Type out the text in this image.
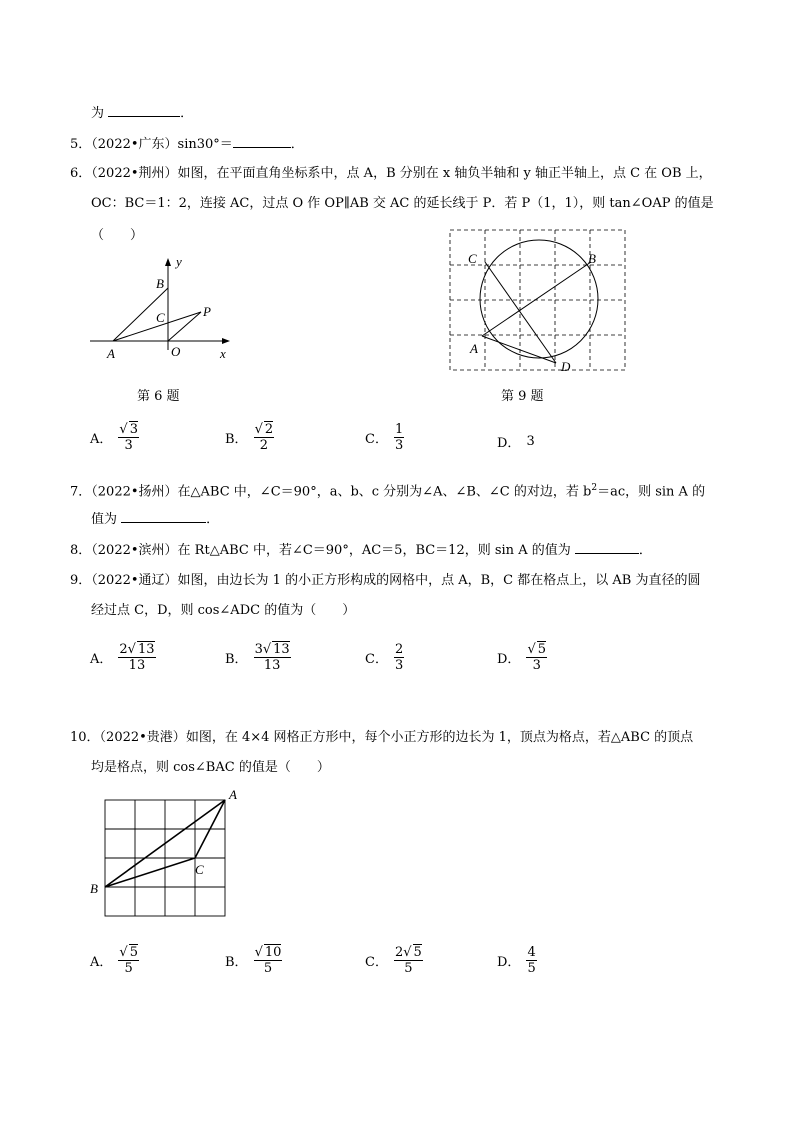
为	．
5．（2022•广东）sin30°＝	．
6．（2022•荆州）如图，在平面直角坐标系中，点 A，B 分别在 x 轴负半轴和 y 轴正半轴上，点 C 在 OB 上，
OC：BC＝1：2，连接 AC，过点 O 作 OP∥AB 交 AC 的延长线于 P．若 P（1，1），则 tan∠OAP 的值是
（　　）
y
x
B
C	P
A	O
第 6 题
C	B
A
D
第 9 题
A． $\frac{√ 3}{3}$	B． $\frac{√ 2}{2}$	C． $\frac{1}{3}$	D． 3
7．（2022•扬州）在△ABC 中，∠C＝90°，a、b、c 分别为∠A、∠B、∠C 的对边，若 $b^2=ac$，则 sin A 的
值为	．
8．（2022•滨州）在 Rt△ABC 中，若∠C＝90°，AC＝5，BC＝12，则 sin A 的值为	．
9．（2022•通辽）如图，由边长为 1 的小正方形构成的网格中，点 A，B，C 都在格点上，以 AB 为直径的圆
经过点 C，D，则 cos∠ADC 的值为（　　）
A． $\frac{2√ 13}{13}$	B． $\frac{3√ 13}{13}$	C． $\frac{2}{3}$	D． $\frac{√ 5}{3}$
10．（2022•贵港）如图，在 4×4 网格正方形中，每个小正方形的边长为 1，顶点为格点，若△ABC 的顶点
均是格点，则 cos∠BAC 的值是（　　）
A
B
C
A． $\frac{√ 5}{5}$	B． $\frac{√ 10}{5}$	C． $\frac{2√ 5}{5}$	D． $\frac{4}{5}$
